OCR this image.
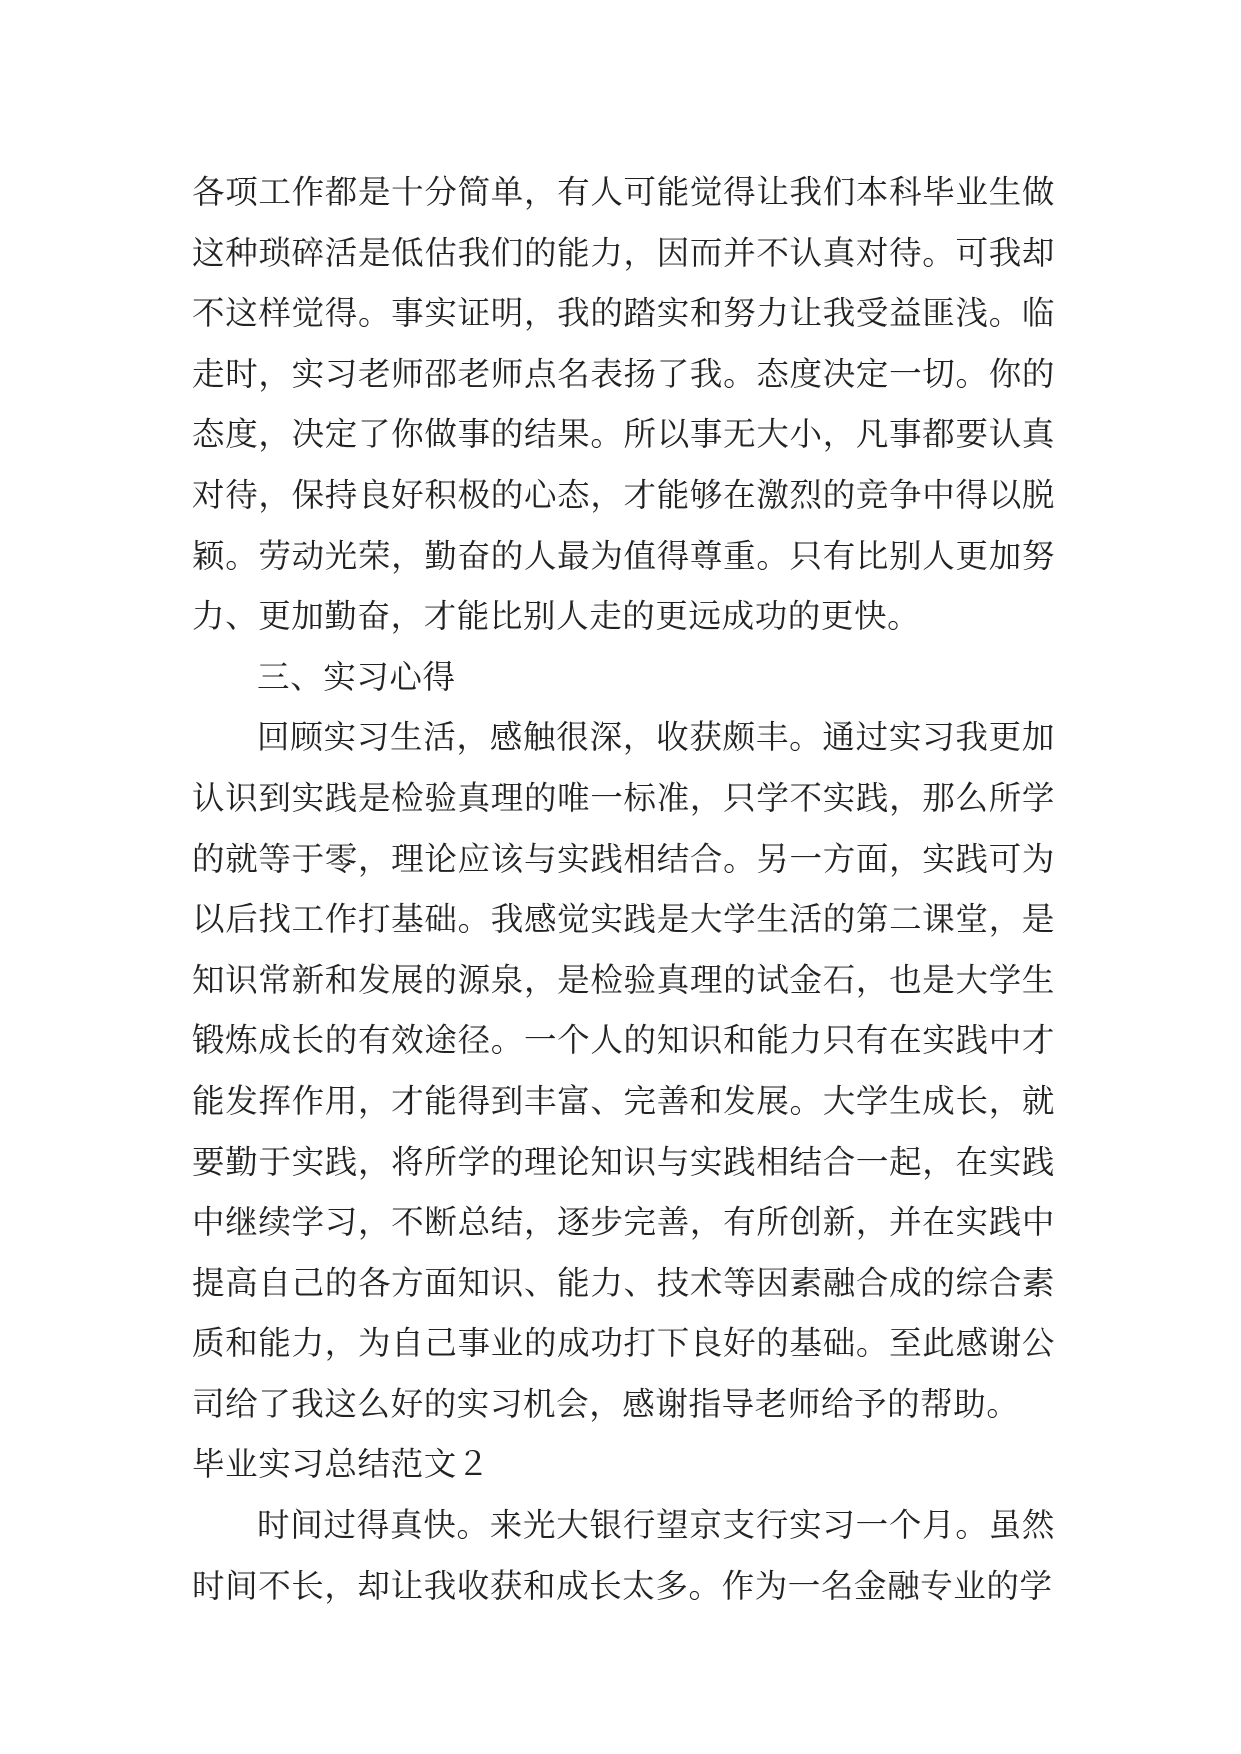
各项工作都是十分简单，有人可能觉得让我们本科毕业生做这种琐碎活是低估我们的能力，因而并不认真对待。可我却不这样觉得。事实证明，我的踏实和努力让我受益匪浅。临走时，实习老师邵老师点名表扬了我。态度决定一切。你的态度，决定了你做事的结果。所以事无大小，凡事都要认真对待，保持良好积极的心态，才能够在激烈的竞争中得以脱颖。劳动光荣，勤奋的人最为值得尊重。只有比别人更加努力、更加勤奋，才能比别人走的更远成功的更快。

三、实习心得

回顾实习生活，感触很深，收获颇丰。通过实习我更加认识到实践是检验真理的唯一标准，只学不实践，那么所学的就等于零，理论应该与实践相结合。另一方面，实践可为以后找工作打基础。我感觉实践是大学生活的第二课堂，是知识常新和发展的源泉，是检验真理的试金石，也是大学生锻炼成长的有效途径。一个人的知识和能力只有在实践中才能发挥作用，才能得到丰富、完善和发展。大学生成长，就要勤于实践，将所学的理论知识与实践相结合一起，在实践中继续学习，不断总结，逐步完善，有所创新，并在实践中提高自己的各方面知识、能力、技术等因素融合成的综合素质和能力，为自己事业的成功打下良好的基础。至此感谢公司给了我这么好的实习机会，感谢指导老师给予的帮助。

毕业实习总结范文２

时间过得真快。来光大银行望京支行实习一个月。虽然时间不长，却让我收获和成长太多。作为一名金融专业的学
